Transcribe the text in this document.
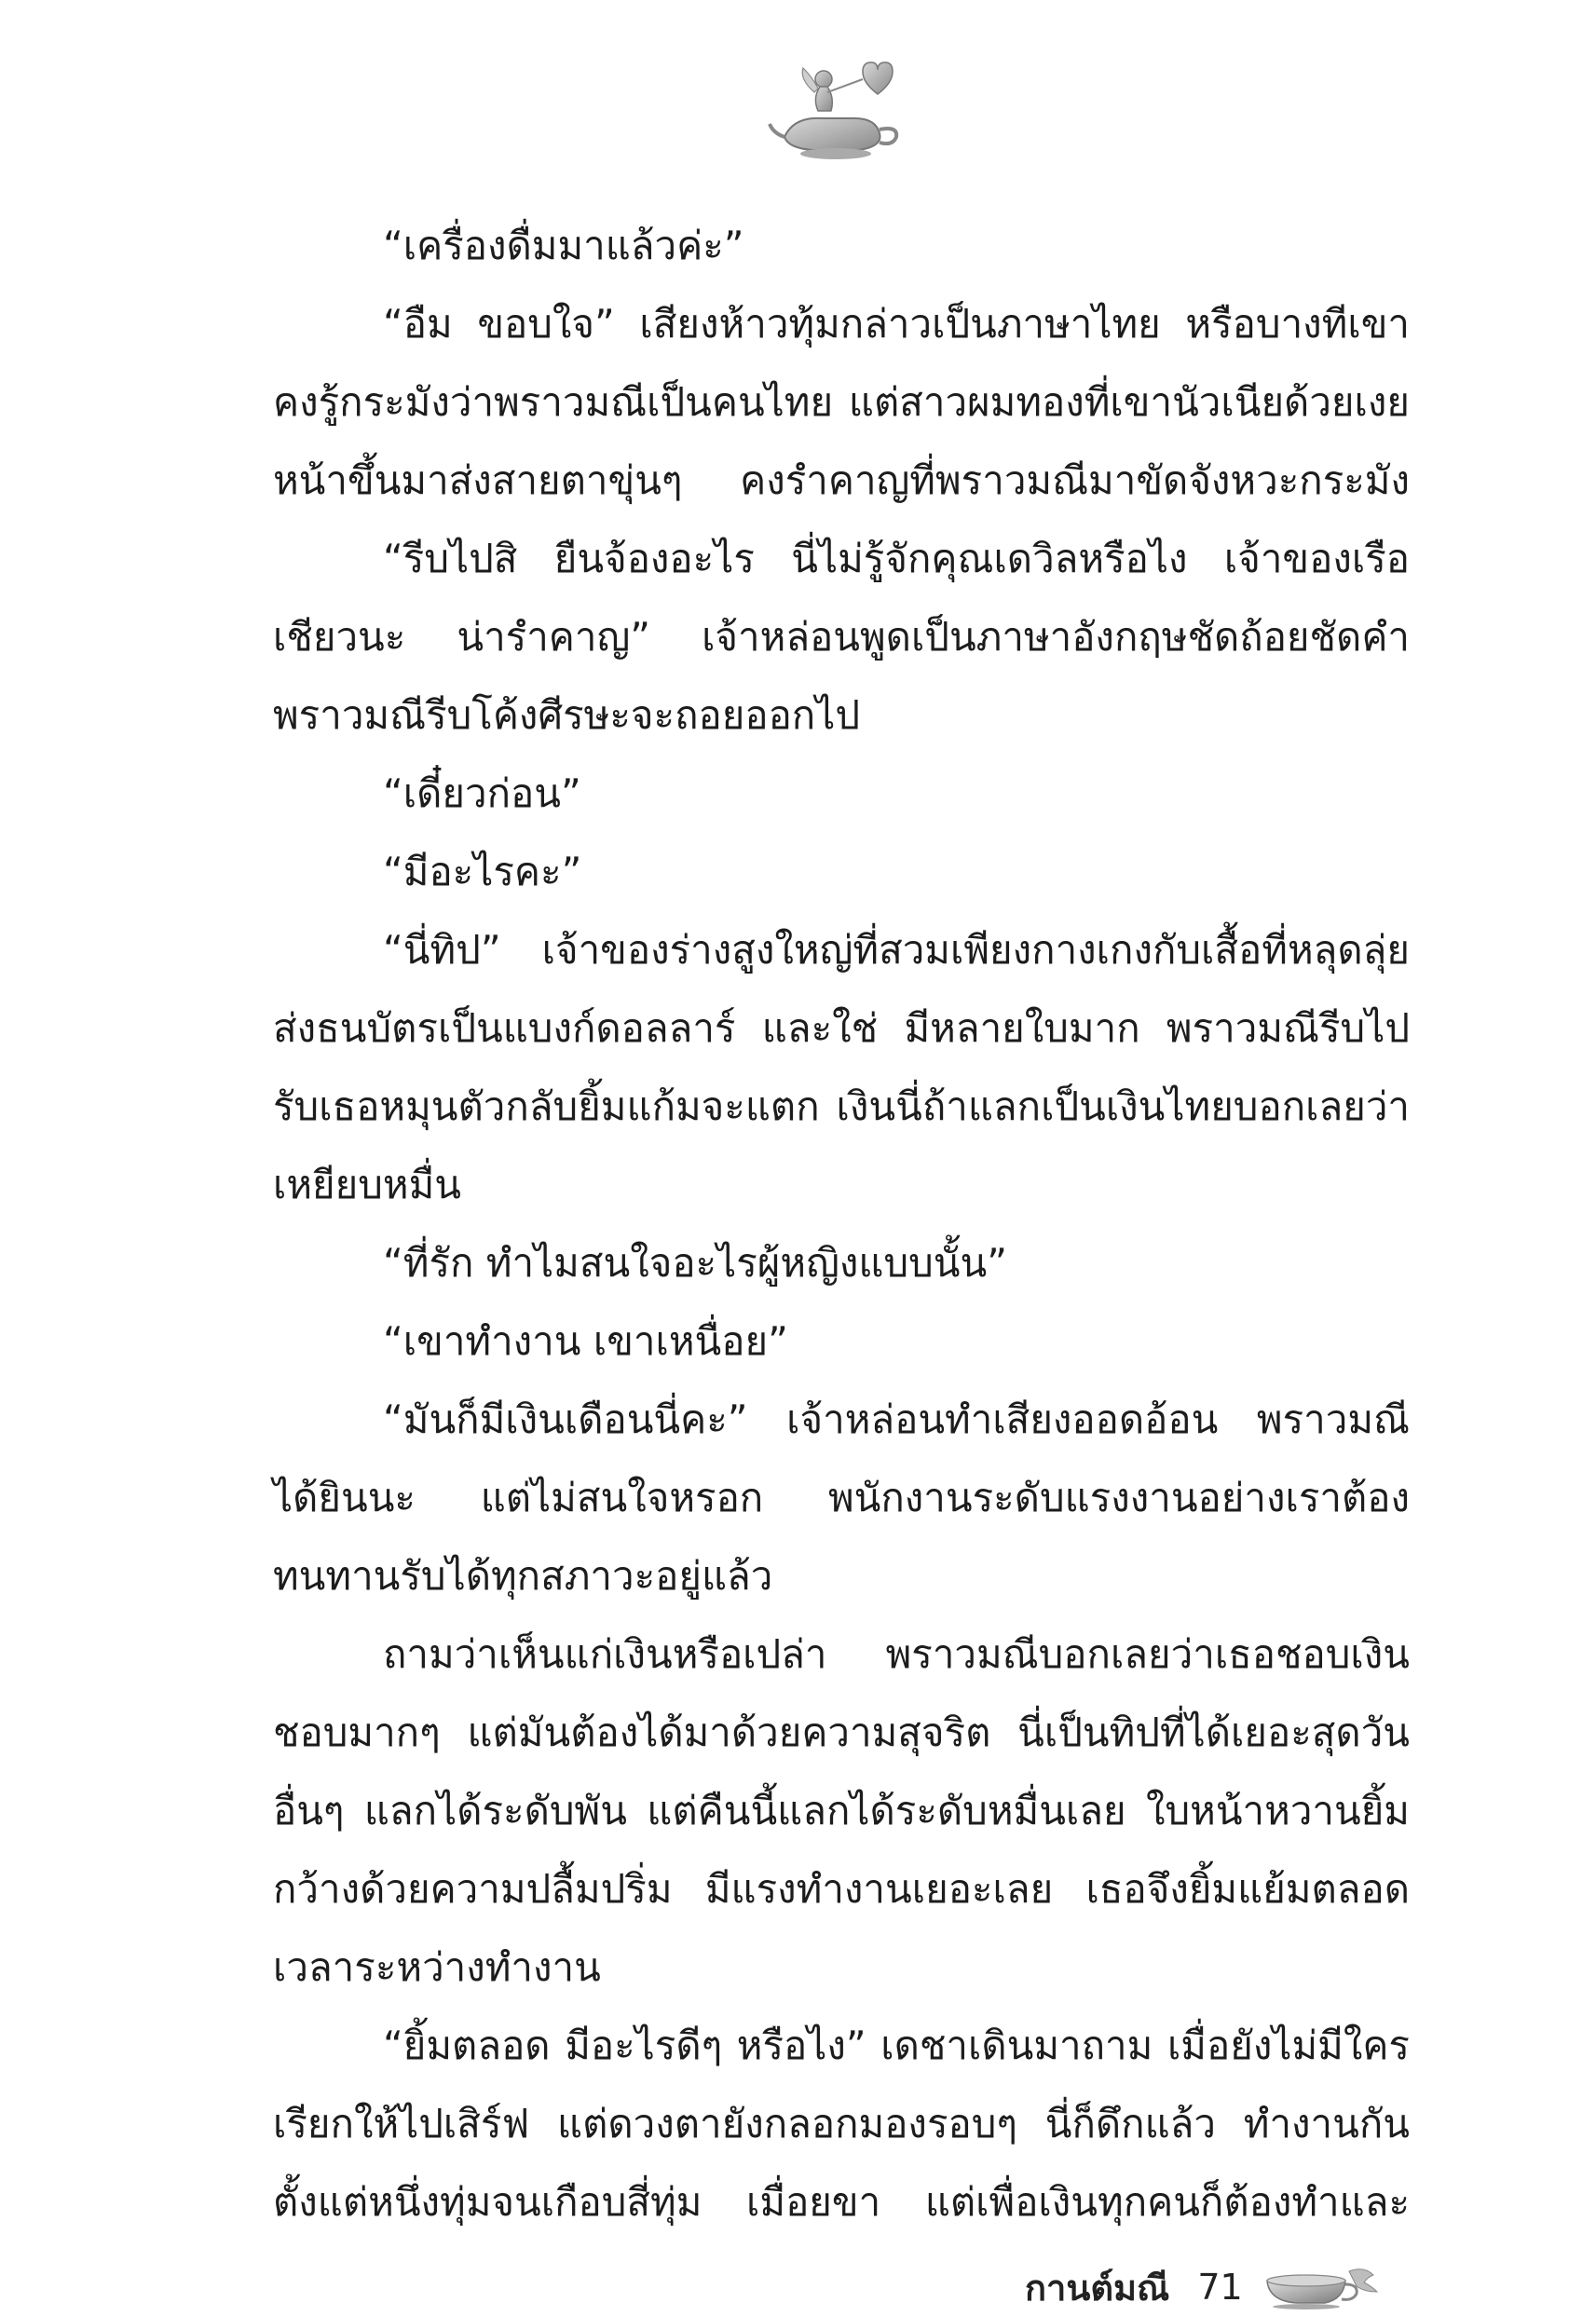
“เครื่องดื่มมาแล้วค่ะ”

“อืม ขอบใจ” เสียงห้าวทุ้มกล่าวเป็นภาษาไทย หรือบางทีเขาคงรู้กระมังว่าพราวมณีเป็นคนไทย แต่สาวผมทองที่เขานัวเนียด้วยเงยหน้าขึ้นมาส่งสายตาขุ่นๆ คงรำคาญที่พราวมณีมาขัดจังหวะกระมัง

“รีบไปสิ ยืนจ้องอะไร นี่ไม่รู้จักคุณเดวิลหรือไง เจ้าของเรือเชียวนะ น่ารำคาญ” เจ้าหล่อนพูดเป็นภาษาอังกฤษชัดถ้อยชัดคำ พราวมณีรีบโค้งศีรษะจะถอยออกไป

“เดี๋ยวก่อน”

“มีอะไรคะ”

“นี่ทิป” เจ้าของร่างสูงใหญ่ที่สวมเพียงกางเกงกับเสื้อที่หลุดลุ่ยส่งธนบัตรเป็นแบงก์ดอลลาร์ และใช่ มีหลายใบมาก พราวมณีรีบไปรับเธอหมุนตัวกลับยิ้มแก้มจะแตก เงินนี่ถ้าแลกเป็นเงินไทยบอกเลยว่าเหยียบหมื่น

“ที่รัก ทำไมสนใจอะไรผู้หญิงแบบนั้น”

“เขาทำงาน เขาเหนื่อย”

“มันก็มีเงินเดือนนี่คะ” เจ้าหล่อนทำเสียงออดอ้อน พราวมณีได้ยินนะ แต่ไม่สนใจหรอก พนักงานระดับแรงงานอย่างเราต้องทนทานรับได้ทุกสภาวะอยู่แล้ว

ถามว่าเห็นแก่เงินหรือเปล่า พราวมณีบอกเลยว่าเธอชอบเงินชอบมากๆ แต่มันต้องได้มาด้วยความสุจริต นี่เป็นทิปที่ได้เยอะสุดวันอื่นๆ แลกได้ระดับพัน แต่คืนนี้แลกได้ระดับหมื่นเลย ใบหน้าหวานยิ้มกว้างด้วยความปลื้มปริ่ม มีแรงทำงานเยอะเลย เธอจึงยิ้มแย้มตลอดเวลาระหว่างทำงาน

“ยิ้มตลอด มีอะไรดีๆ หรือไง” เดชาเดินมาถาม เมื่อยังไม่มีใครเรียกให้ไปเสิร์ฟ แต่ดวงตายังกลอกมองรอบๆ นี่ก็ดึกแล้ว ทำงานกันตั้งแต่หนึ่งทุ่มจนเกือบสี่ทุ่ม เมื่อยขา แต่เพื่อเงินทุกคนก็ต้องทำและ

กานต์มณี 71
